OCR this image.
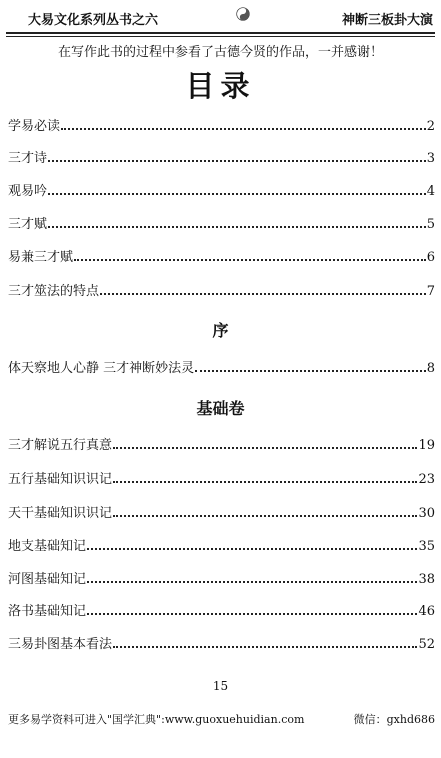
大易文化系列丛书之六	神断三板卦大演
在写作此书的过程中参看了古德今贤的作品，一并感谢！
目录
学易必读	2
三才诗	3
观易吟	4
三才赋	5
易兼三才赋	6
三才筮法的特点	7
序
体天察地人心静 三才神断妙法灵	8
基础卷
三才解说五行真意	19
五行基础知识识记	23
天干基础知识识记	30
地支基础知记	35
河图基础知记	38
洛书基础知记	46
三易卦图基本看法	52
15
更多易学资料可进入"国学汇典":www.guoxuehuidian.com	微信：gxhd686
